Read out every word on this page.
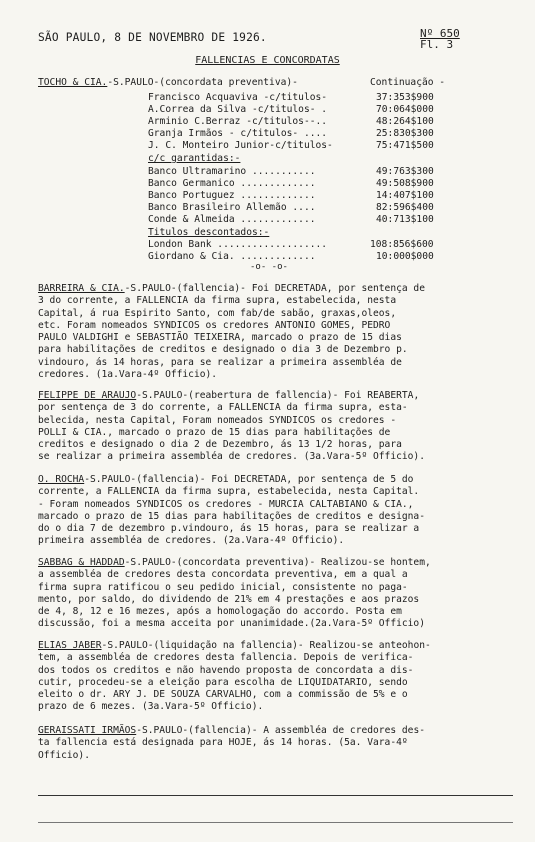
SÃO PAULO, 8 DE NOVEMBRO DE 1926.	Nº 650
Fl. 3
FALLENCIAS E CONCORDATAS
TOCHO & CIA.-S.PAULO-(concordata preventiva)-	Continuação -
Francisco Acquaviva -c/titulos-	37:353$900
A.Correa da Silva -c/titulos- .	70:064$000
Arminio C.Berraz -c/titulos--..	48:264$100
Granja Irmãos - c/titulos- ....	25:830$300
J. C. Monteiro Junior-c/titulos-	75:471$500
c/c garantidas:-
Banco Ultramarino ...........	49:763$300
Banco Germanico .............	49:508$900
Banco Portuguez .............	14:407$100
Banco Brasileiro Allemão ....	82:596$400
Conde & Almeida .............	40:713$100
Titulos descontados:-
London Bank ...................	108:856$600
Giordano & Cia. .............	10:000$000
-o- -o-
BARREIRA & CIA.-S.PAULO-(fallencia)- Foi DECRETADA, por sentença de
3 do corrente, a FALLENCIA da firma supra, estabelecida, nesta
Capital, á rua Espirito Santo, com fab/de sabão, graxas,oleos,
etc. Foram nomeados SYNDICOS os credores ANTONIO GOMES, PEDRO
PAULO VALDIGHI e SEBASTIÃO TEIXEIRA, marcado o prazo de 15 dias
para habilitações de creditos e designado o dia 3 de Dezembro p.
vindouro, ás 14 horas, para se realizar a primeira assembléa de
credores. (1a.Vara-4º Officio).
FELIPPE DE ARAUJO-S.PAULO-(reabertura de fallencia)- Foi REABERTA,
por sentença de 3 do corrente, a FALLENCIA da firma supra, esta-
belecida, nesta Capital, Foram nomeados SYNDICOS os credores -
POLLI & CIA., marcado o prazo de 15 dias para habilitações de
creditos e designado o dia 2 de Dezembro, ás 13 1/2 horas, para
se realizar a primeira assembléa de credores. (3a.Vara-5º Officio).
O. ROCHA-S.PAULO-(fallencia)- Foi DECRETADA, por sentença de 5 do
corrente, a FALLENCIA da firma supra, estabelecida, nesta Capital.
- Foram nomeados SYNDICOS os credores - MURCIA CALTABIANO & CIA.,
marcado o prazo de 15 dias para habilitações de creditos e designa-
do o dia 7 de dezembro p.vindouro, ás 15 horas, para se realizar a
primeira assembléa de credores. (2a.Vara-4º Officio).
SABBAG & HADDAD-S.PAULO-(concordata preventiva)- Realizou-se hontem,
a assembléa de credores desta concordata preventiva, em a qual a
firma supra ratificou o seu pedido inicial, consistente no paga-
mento, por saldo, do dividendo de 21% em 4 prestações e aos prazos
de 4, 8, 12 e 16 mezes, após a homologação do accordo. Posta em
discussão, foi a mesma acceita por unanimidade.(2a.Vara-5º Officio)
ELIAS JABER-S.PAULO-(liquidação na fallencia)- Realizou-se anteohon-
tem, a assembléa de credores desta fallencia. Depois de verifica-
dos todos os creditos e não havendo proposta de concordata a dis-
cutir, procedeu-se a eleição para escolha de LIQUIDATARIO, sendo
eleito o dr. ARY J. DE SOUZA CARVALHO, com a commissão de 5% e o
prazo de 6 mezes. (3a.Vara-5º Officio).
GERAISSATI IRMÃOS-S.PAULO-(fallencia)- A assembléa de credores des-
ta fallencia está designada para HOJE, ás 14 horas. (5a. Vara-4º
Officio).
